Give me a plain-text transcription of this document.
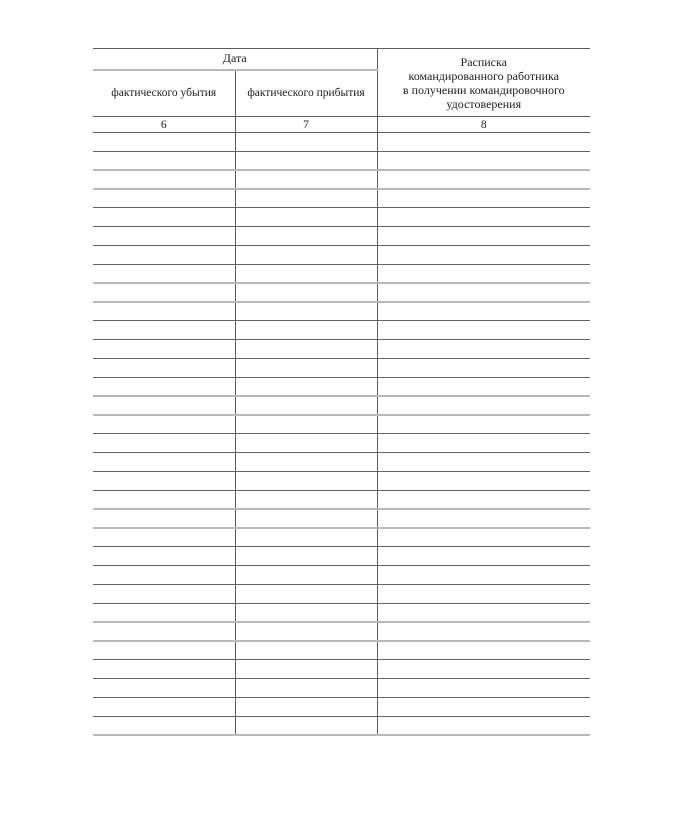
Дата		Расписка
командированного работника
в получении командировочного
удостоверения

фактического убытия	фактического прибытия	
6	7	8
